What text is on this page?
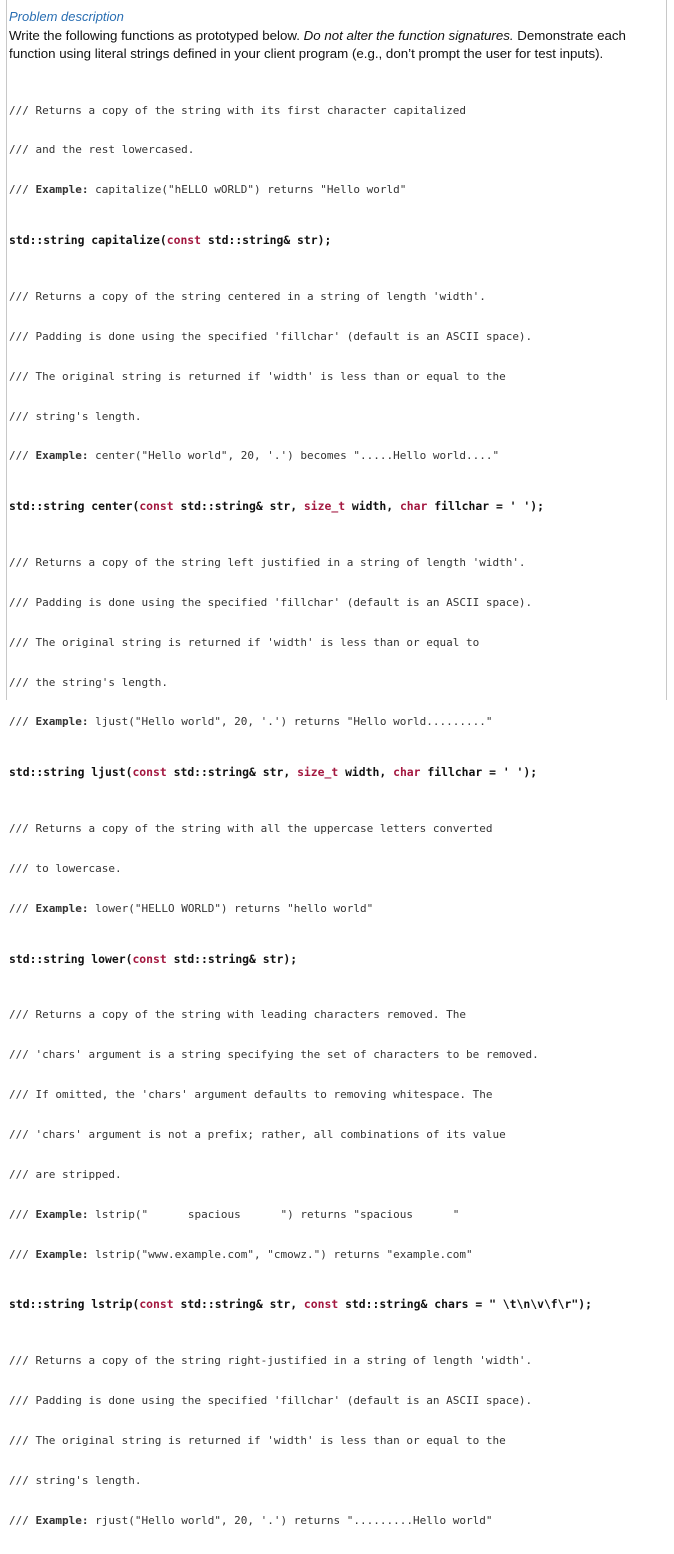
Problem description
Write the following functions as prototyped below. Do not alter the function signatures. Demonstrate each function using literal strings defined in your client program (e.g., don’t prompt the user for test inputs).

/// Returns a copy of the string with its first character capitalized

/// and the rest lowercased.

/// Example: capitalize("hELLO wORLD") returns "Hello world"

std::string capitalize(const std::string& str);

/// Returns a copy of the string centered in a string of length 'width'.

/// Padding is done using the specified 'fillchar' (default is an ASCII space).

/// The original string is returned if 'width' is less than or equal to the

/// string's length.

/// Example: center("Hello world", 20, '.') becomes ".....Hello world...."

std::string center(const std::string& str, size_t width, char fillchar = ' ');

/// Returns a copy of the string left justified in a string of length 'width'.

/// Padding is done using the specified 'fillchar' (default is an ASCII space).

/// The original string is returned if 'width' is less than or equal to

/// the string's length.

/// Example: ljust("Hello world", 20, '.') returns "Hello world........."

std::string ljust(const std::string& str, size_t width, char fillchar = ' ');

/// Returns a copy of the string with all the uppercase letters converted

/// to lowercase.

/// Example: lower("HELLO WORLD") returns "hello world"

std::string lower(const std::string& str);

/// Returns a copy of the string with leading characters removed. The

/// 'chars' argument is a string specifying the set of characters to be removed.

/// If omitted, the 'chars' argument defaults to removing whitespace. The

/// 'chars' argument is not a prefix; rather, all combinations of its value

/// are stripped.

/// Example: lstrip("      spacious      ") returns "spacious      "

/// Example: lstrip("www.example.com", "cmowz.") returns "example.com"

std::string lstrip(const std::string& str, const std::string& chars = " \t\n\v\f\r");

/// Returns a copy of the string right-justified in a string of length 'width'.

/// Padding is done using the specified 'fillchar' (default is an ASCII space).

/// The original string is returned if 'width' is less than or equal to the

/// string's length.

/// Example: rjust("Hello world", 20, '.') returns ".........Hello world"
